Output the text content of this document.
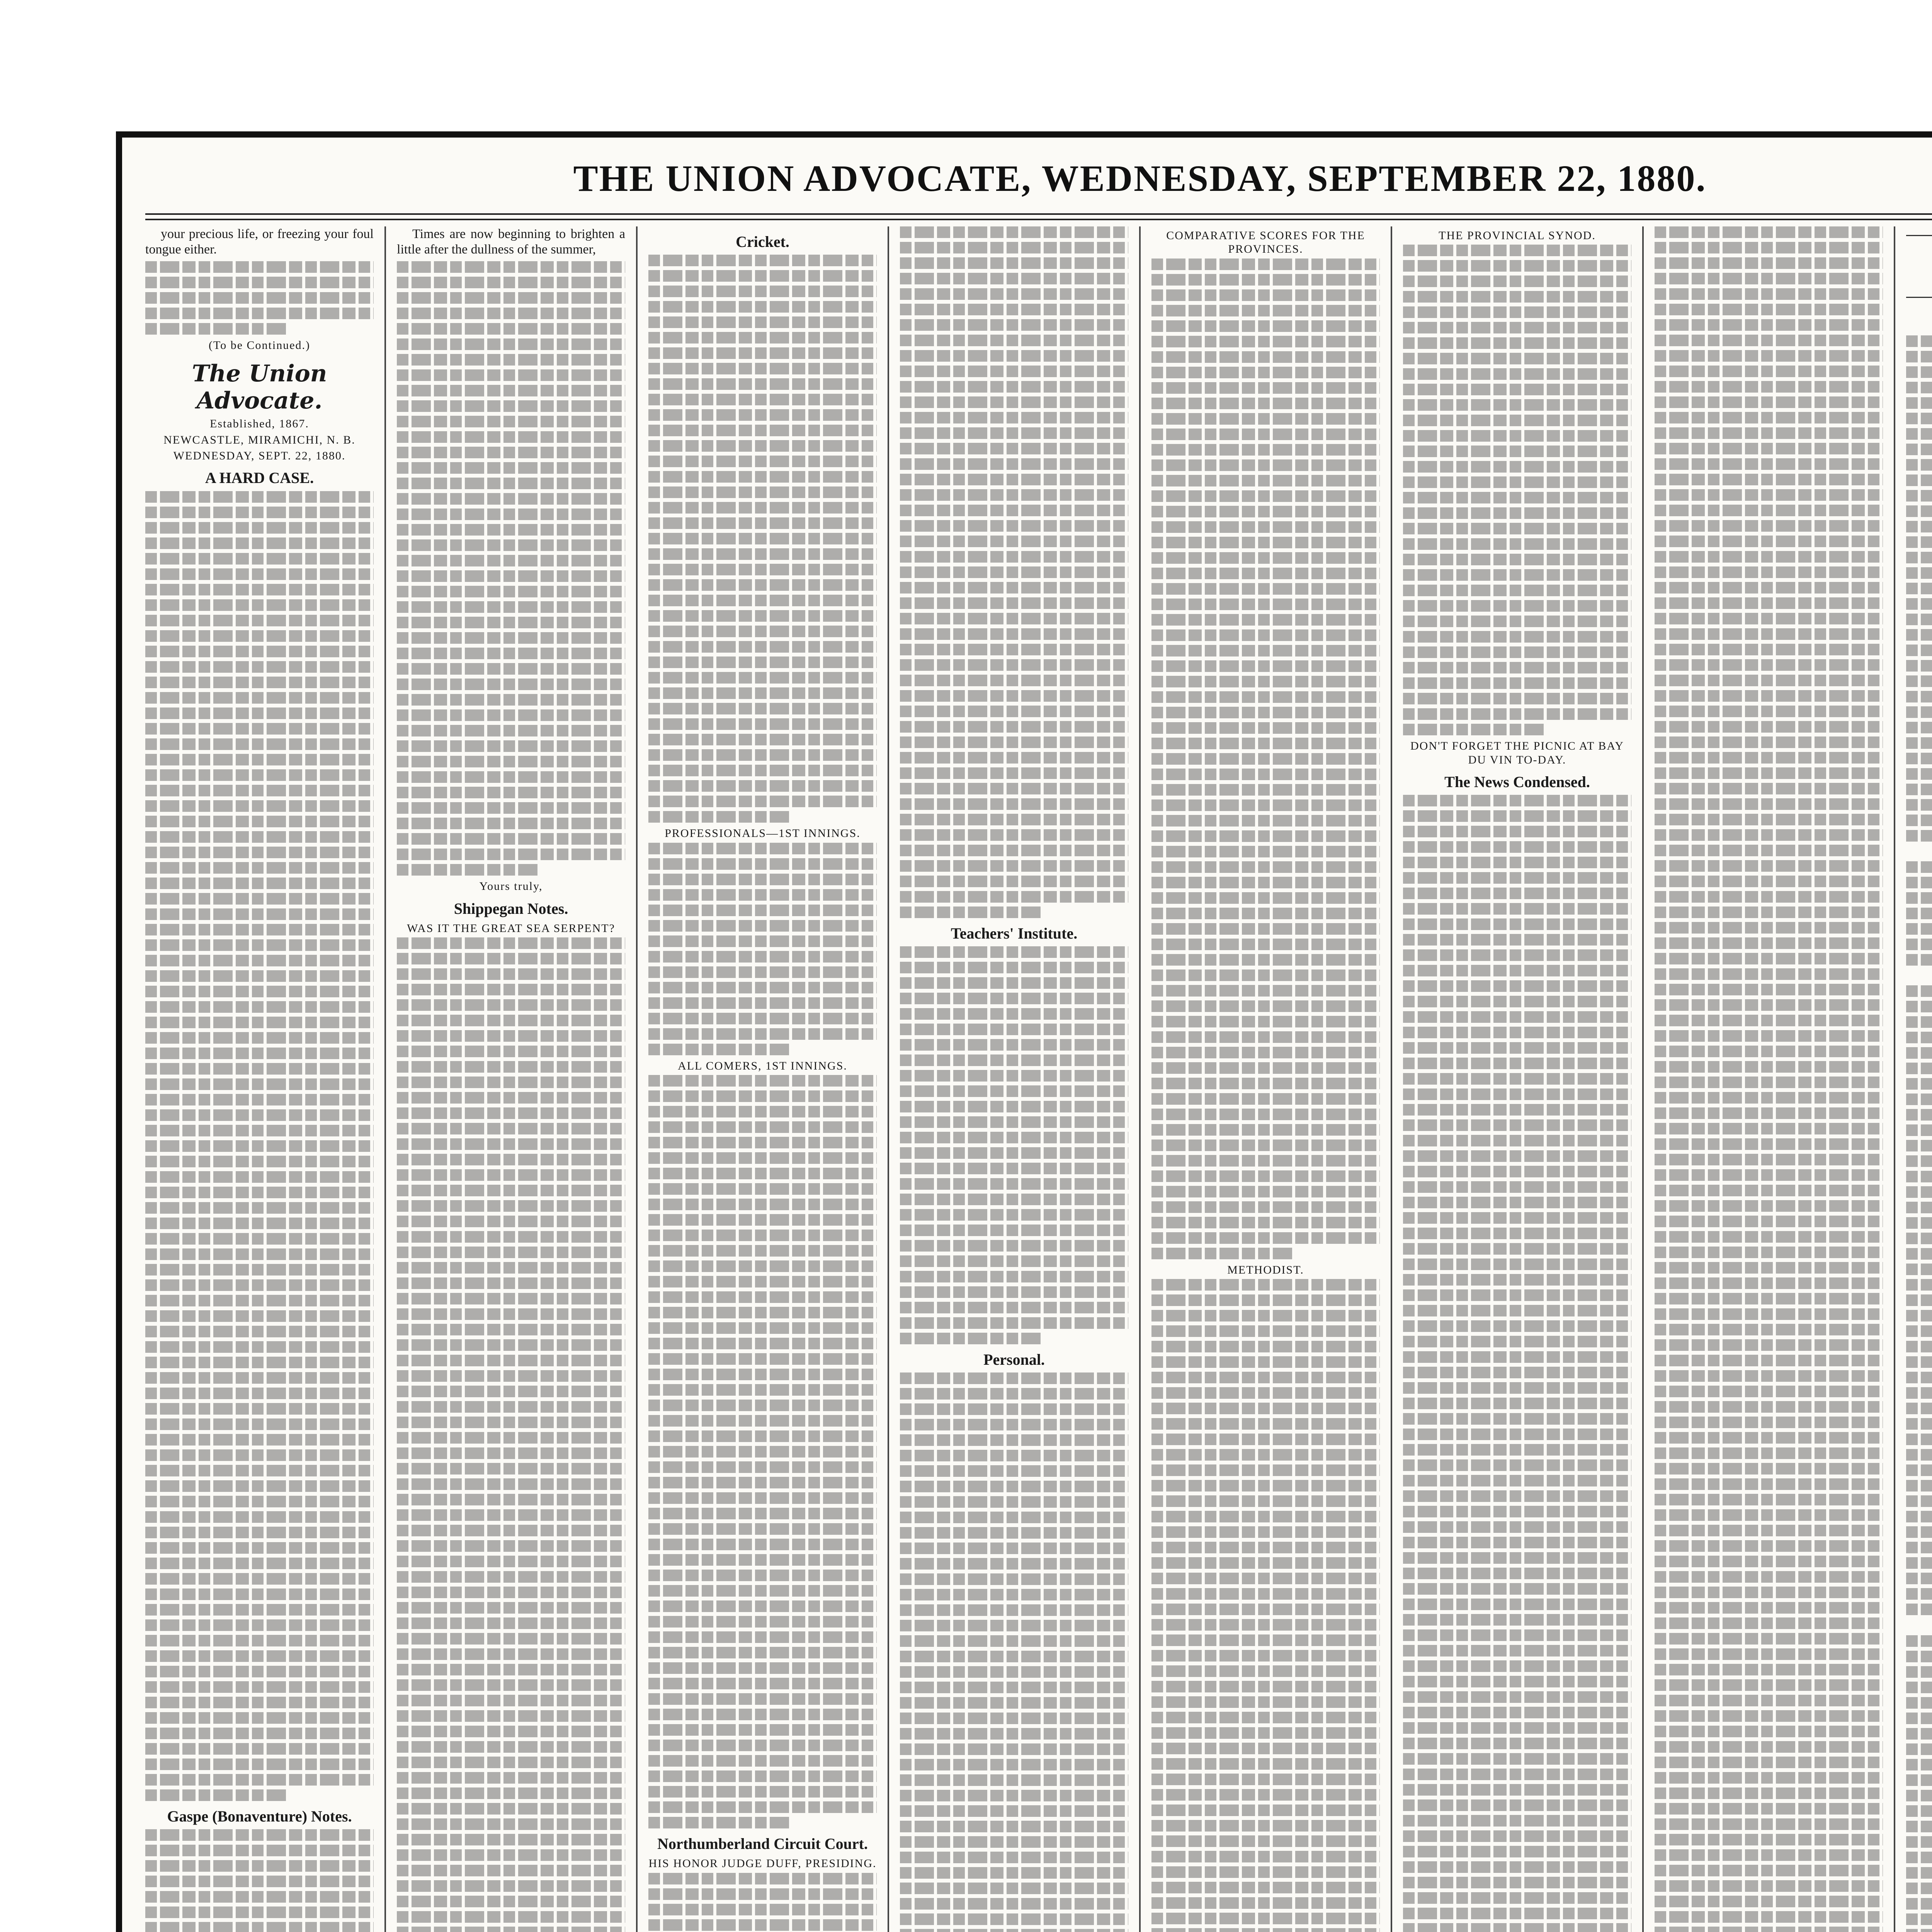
THE UNION ADVOCATE, WEDNESDAY, SEPTEMBER 22, 1880.

your precious life, or freezing your foul tongue either.

(To be Continued.)
The Union Advocate.
Established, 1867.
NEWCASTLE, MIRAMICHI, N. B.
WEDNESDAY, SEPT. 22, 1880.
A HARD CASE.
Gaspe (Bonaventure) Notes.

Times are now beginning to brighten a little after the dullness of the summer,

Yours truly,
Shippegan Notes.
WAS IT THE GREAT SEA SERPENT?
Cricket.
PROFESSIONALS—1ST INNINGS.
ALL COMERS, 1ST INNINGS.
Northumberland Circuit Court.
HIS HONOR JUDGE DUFF, PRESIDING.
Teachers' Institute.
Personal.
COMPARATIVE SCORES FOR THE PROVINCES.
METHODIST.
THE PROVINCIAL SYNOD.
DON'T FORGET THE PICNIC AT BAY DU VIN TO-DAY.
The News Condensed.
